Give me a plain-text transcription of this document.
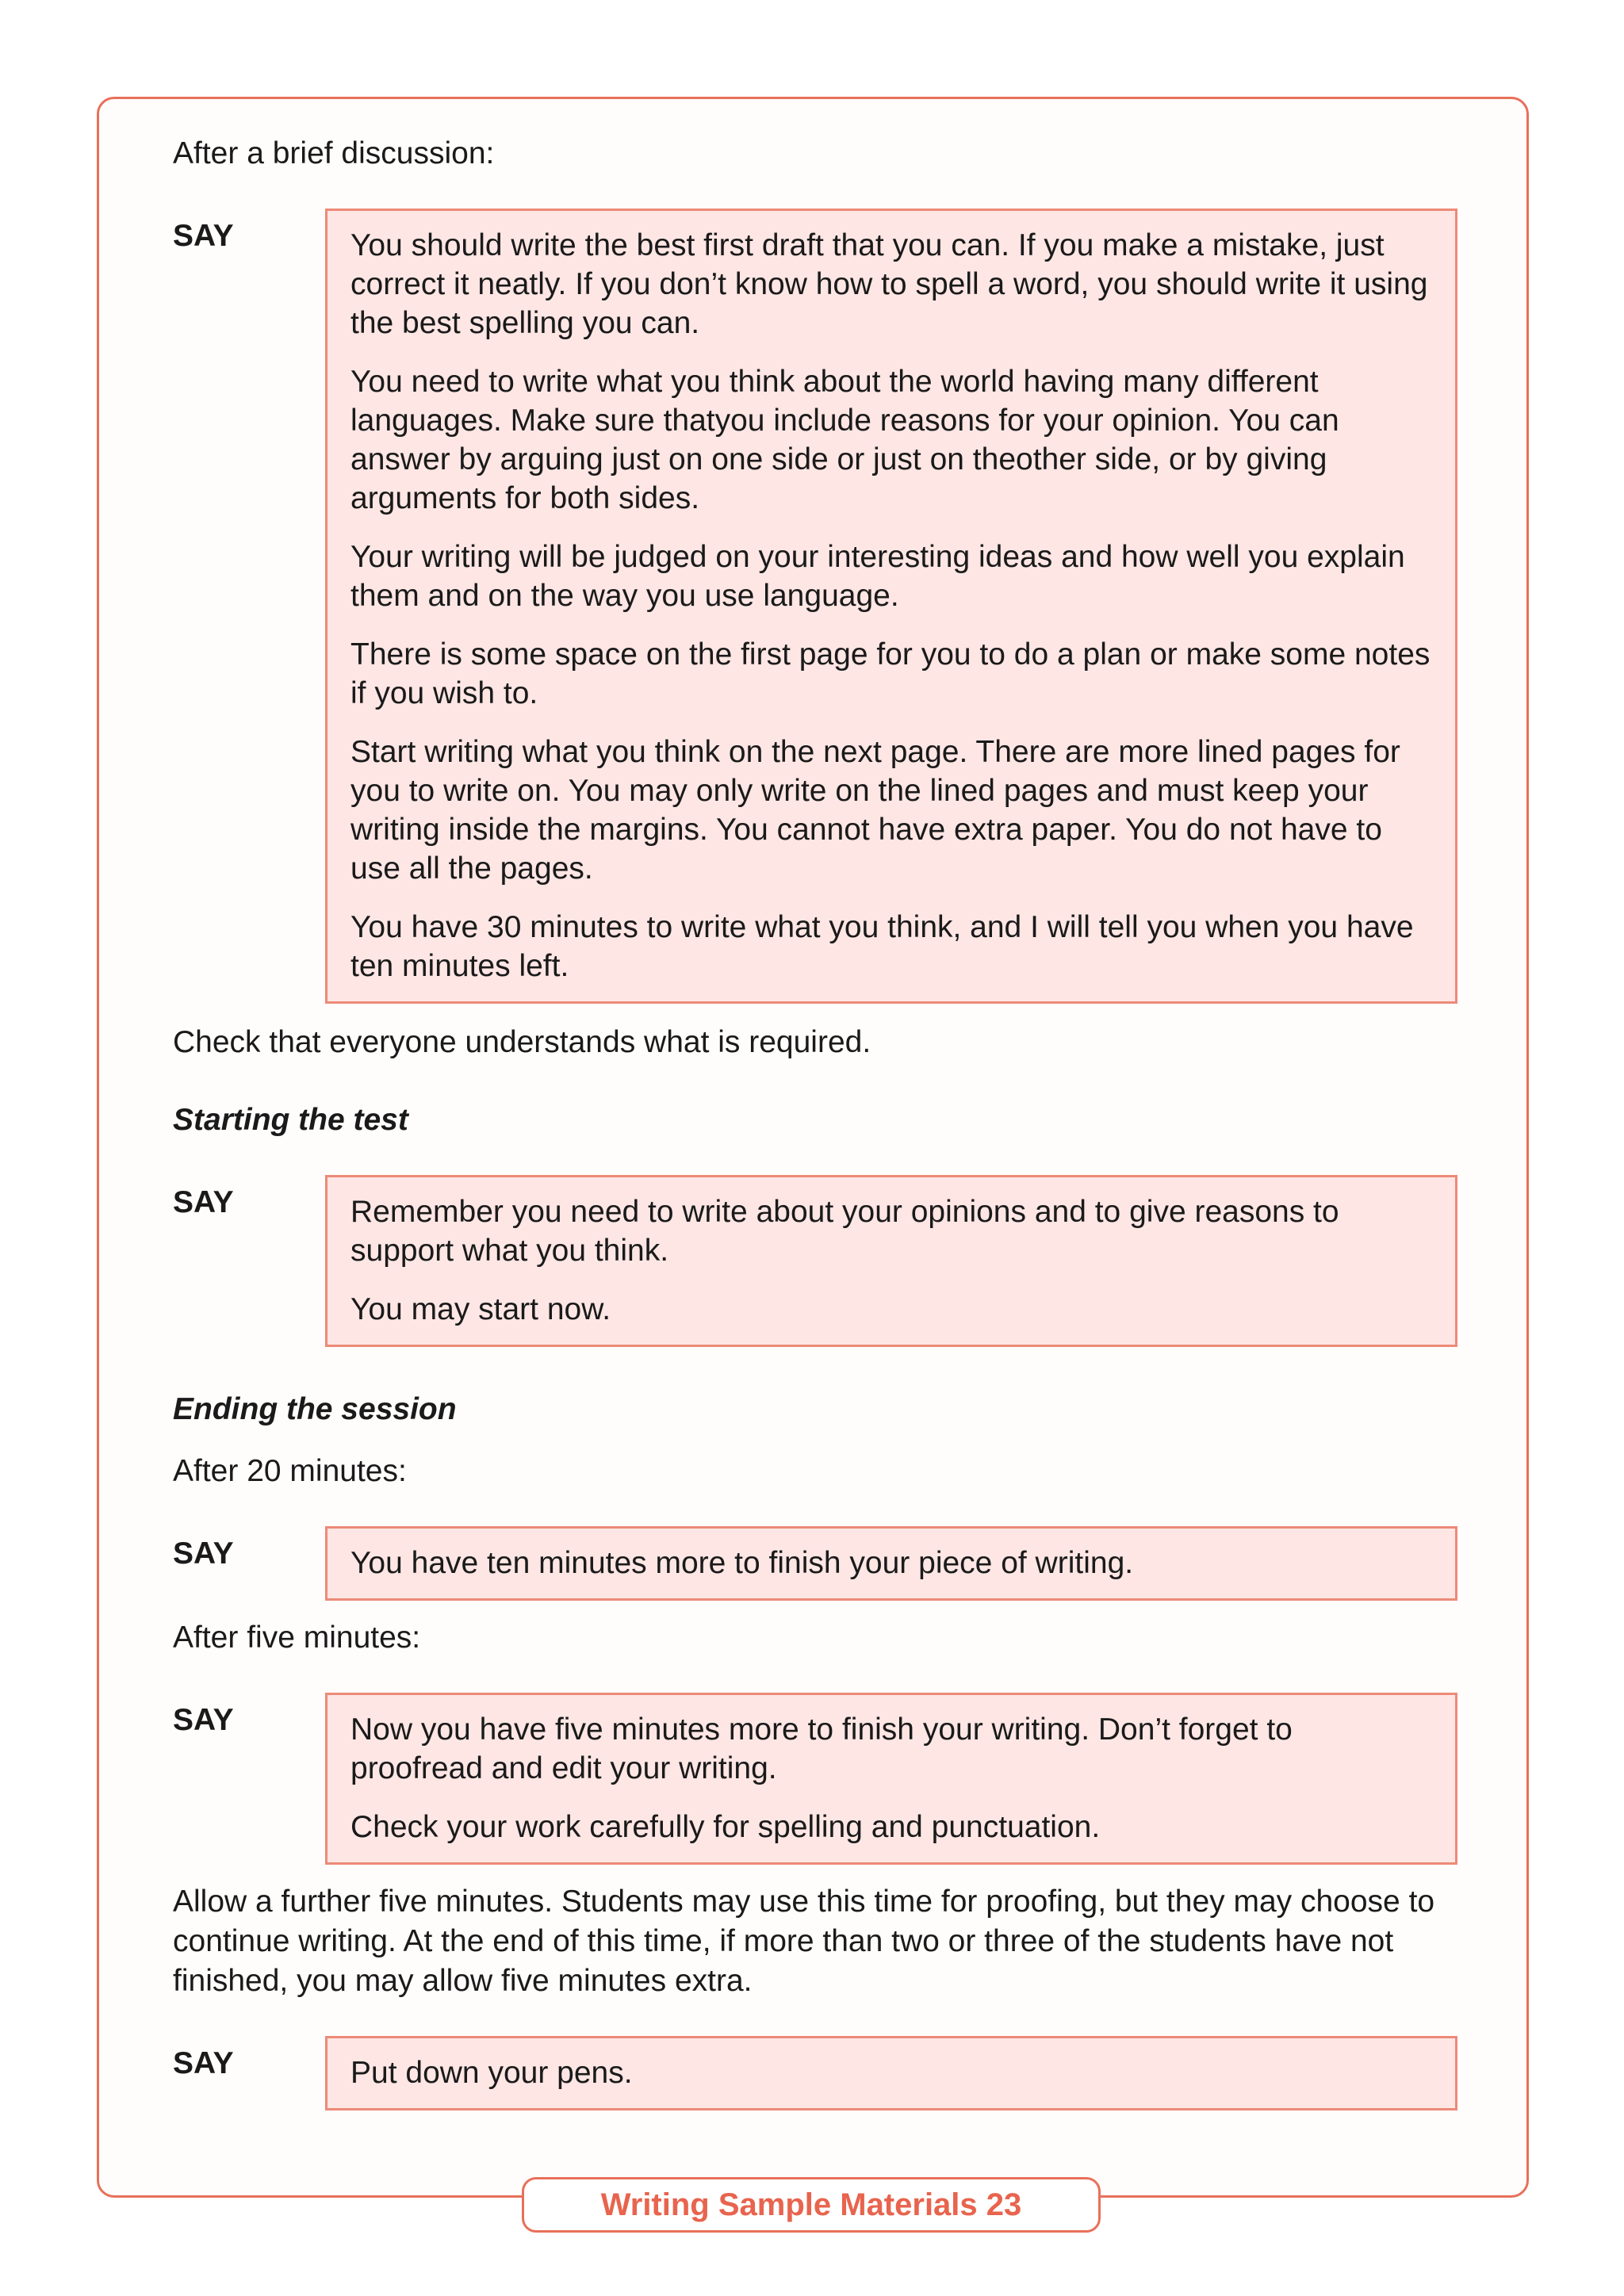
After a brief discussion:

SAY	You should write the best first draft that you can. If you make a mistake, just correct it neatly. If you don’t know how to spell a word, you should write it using the best spelling you can.

You need to write what you think about the world having many different languages. Make sure thatyou include reasons for your opinion. You can answer by arguing just on one side or just on theother side, or by giving arguments for both sides.

Your writing will be judged on your interesting ideas and how well you explain them and on the way you use language.

There is some space on the first page for you to do a plan or make some notes if you wish to.

Start writing what you think on the next page. There are more lined pages for you to write on. You may only write on the lined pages and must keep your writing inside the margins. You cannot have extra paper. You do not have to use all the pages.

You have 30 minutes to write what you think, and I will tell you when you have ten minutes left.

Check that everyone understands what is required.

Starting the test

SAY	Remember you need to write about your opinions and to give reasons to support what you think.

You may start now.

Ending the session

After 20 minutes:

SAY	You have ten minutes more to finish your piece of writing.

After five minutes:

SAY	Now you have five minutes more to finish your writing. Don’t forget to proofread and edit your writing.

Check your work carefully for spelling and punctuation.

Allow a further five minutes. Students may use this time for proofing, but they may choose to continue writing. At the end of this time, if more than two or three of the students have not finished, you may allow five minutes extra.

SAY	Put down your pens.

Writing Sample Materials 23
